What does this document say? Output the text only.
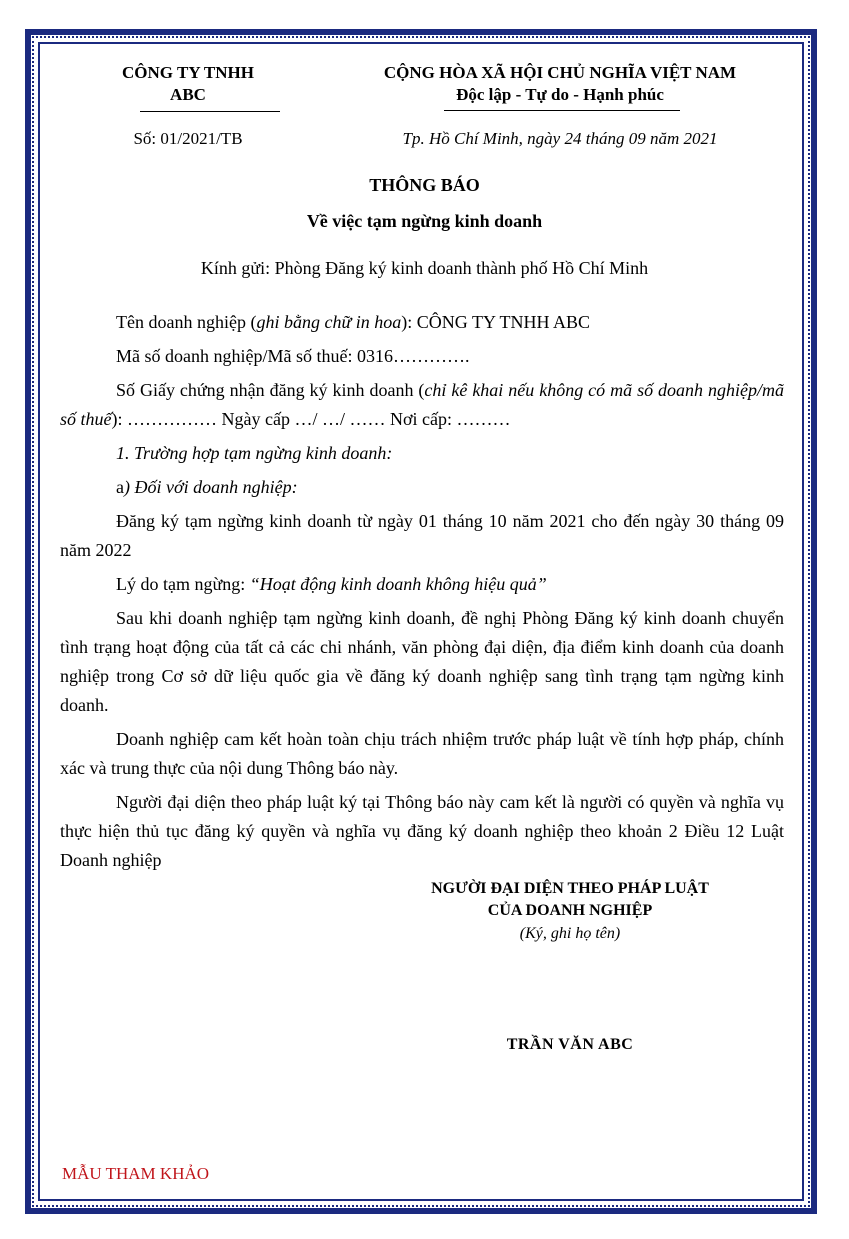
CÔNG TY TNHH
ABC
CỘNG HÒA XÃ HỘI CHỦ NGHĨA VIỆT NAM
Độc lập - Tự do - Hạnh phúc
Số: 01/2021/TB	Tp. Hồ Chí Minh, ngày 24 tháng 09 năm 2021
THÔNG BÁO
Về việc tạm ngừng kinh doanh
Kính gửi: Phòng Đăng ký kinh doanh thành phố Hồ Chí Minh

Tên doanh nghiệp (ghi bằng chữ in hoa): CÔNG TY TNHH ABC

Mã số doanh nghiệp/Mã số thuế: 0316………….

Số Giấy chứng nhận đăng ký kinh doanh (chỉ kê khai nếu không có mã số doanh nghiệp/mã số thuế): …………… Ngày cấp …/ …/ …… Nơi cấp: ………

1. Trường hợp tạm ngừng kinh doanh:

a) Đối với doanh nghiệp:

Đăng ký tạm ngừng kinh doanh từ ngày 01 tháng 10 năm 2021 cho đến ngày 30 tháng 09 năm 2022

Lý do tạm ngừng: “Hoạt động kinh doanh không hiệu quả”

Sau khi doanh nghiệp tạm ngừng kinh doanh, đề nghị Phòng Đăng ký kinh doanh chuyển tình trạng hoạt động của tất cả các chi nhánh, văn phòng đại diện, địa điểm kinh doanh của doanh nghiệp trong Cơ sở dữ liệu quốc gia về đăng ký doanh nghiệp sang tình trạng tạm ngừng kinh doanh.

Doanh nghiệp cam kết hoàn toàn chịu trách nhiệm trước pháp luật về tính hợp pháp, chính xác và trung thực của nội dung Thông báo này.

Người đại diện theo pháp luật ký tại Thông báo này cam kết là người có quyền và nghĩa vụ thực hiện thủ tục đăng ký quyền và nghĩa vụ đăng ký doanh nghiệp theo khoản 2 Điều 12 Luật Doanh nghiệp

NGƯỜI ĐẠI DIỆN THEO PHÁP LUẬT
CỦA DOANH NGHIỆP
(Ký, ghi họ tên)
TRẦN VĂN ABC
MẪU THAM KHẢO
